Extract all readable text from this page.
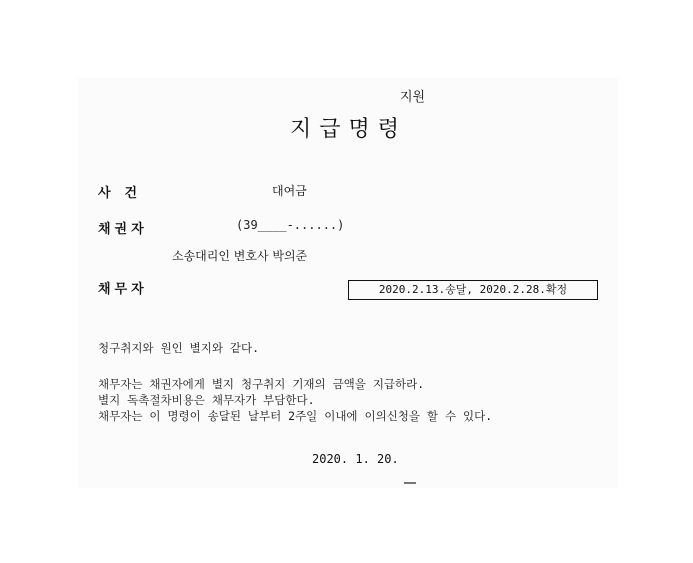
지원
지급명령
사건	대여금
채권자	(39____-......)
소송대리인 변호사 박의준
채무자	2020.2.13.송달, 2020.2.28.확정
청구취지와 원인 별지와 같다.
채무자는 채권자에게 별지 청구취지 기재의 금액을 지급하라.
별지 독촉절차비용은 채무자가 부담한다.
채무자는 이 명령이 송달된 날부터 2주일 이내에 이의신청을 할 수 있다.
2020. 1. 20.
